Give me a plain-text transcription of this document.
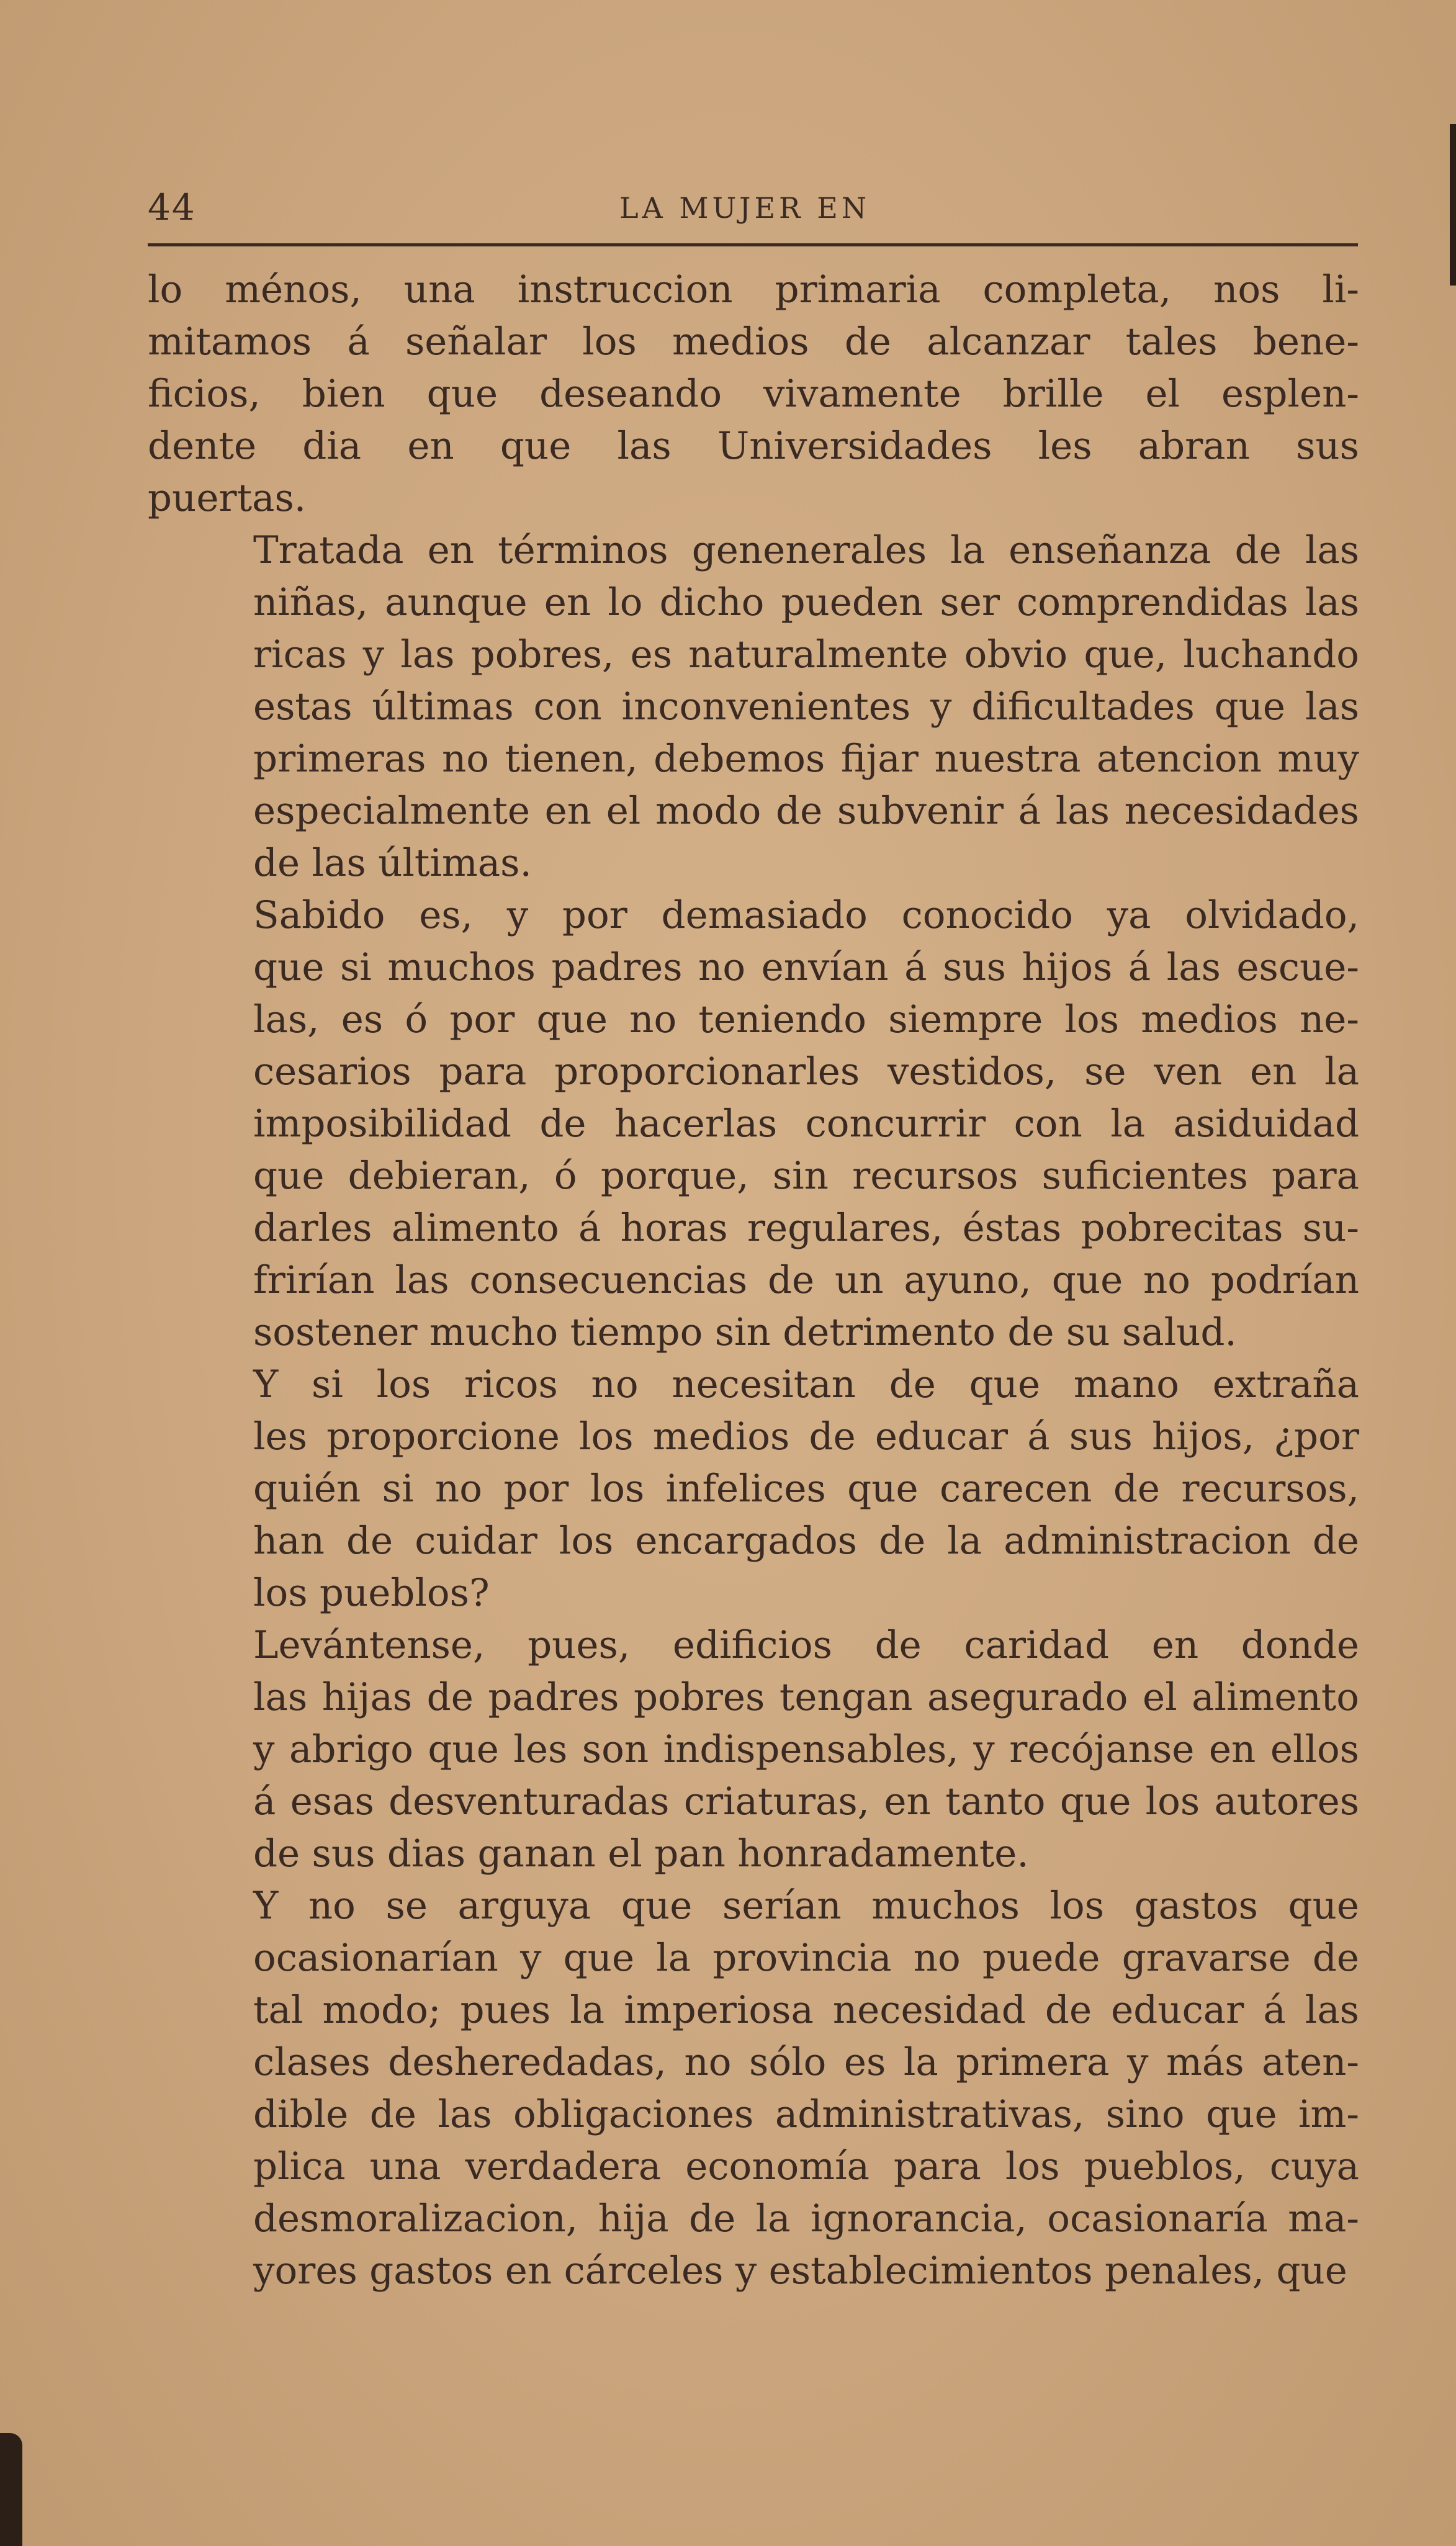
44	LA MUJER EN

lo ménos, una instruccion primaria completa, nos li-
mitamos á señalar los medios de alcanzar tales bene-
ficios, bien que deseando vivamente brille el esplen-
dente dia en que las Universidades les abran sus
puertas.

Tratada en términos genenerales la enseñanza de las
niñas, aunque en lo dicho pueden ser comprendidas las
ricas y las pobres, es naturalmente obvio que, luchando
estas últimas con inconvenientes y dificultades que las
primeras no tienen, debemos fijar nuestra atencion muy
especialmente en el modo de subvenir á las necesidades
de las últimas.

Sabido es, y por demasiado conocido ya olvidado,
que si muchos padres no envían á sus hijos á las escue-
las, es ó por que no teniendo siempre los medios ne-
cesarios para proporcionarles vestidos, se ven en la
imposibilidad de hacerlas concurrir con la asiduidad
que debieran, ó porque, sin recursos suficientes para
darles alimento á horas regulares, éstas pobrecitas su-
frirían las consecuencias de un ayuno, que no podrían
sostener mucho tiempo sin detrimento de su salud.

Y si los ricos no necesitan de que mano extraña
les proporcione los medios de educar á sus hijos, ¿por
quién si no por los infelices que carecen de recursos,
han de cuidar los encargados de la administracion de
los pueblos?

Levántense, pues, edificios de caridad en donde
las hijas de padres pobres tengan asegurado el alimento
y abrigo que les son indispensables, y recójanse en ellos
á esas desventuradas criaturas, en tanto que los autores
de sus dias ganan el pan honradamente.

Y no se arguya que serían muchos los gastos que
ocasionarían y que la provincia no puede gravarse de
tal modo; pues la imperiosa necesidad de educar á las
clases desheredadas, no sólo es la primera y más aten-
dible de las obligaciones administrativas, sino que im-
plica una verdadera economía para los pueblos, cuya
desmoralizacion, hija de la ignorancia, ocasionaría ma-
yores gastos en cárceles y establecimientos penales, que
